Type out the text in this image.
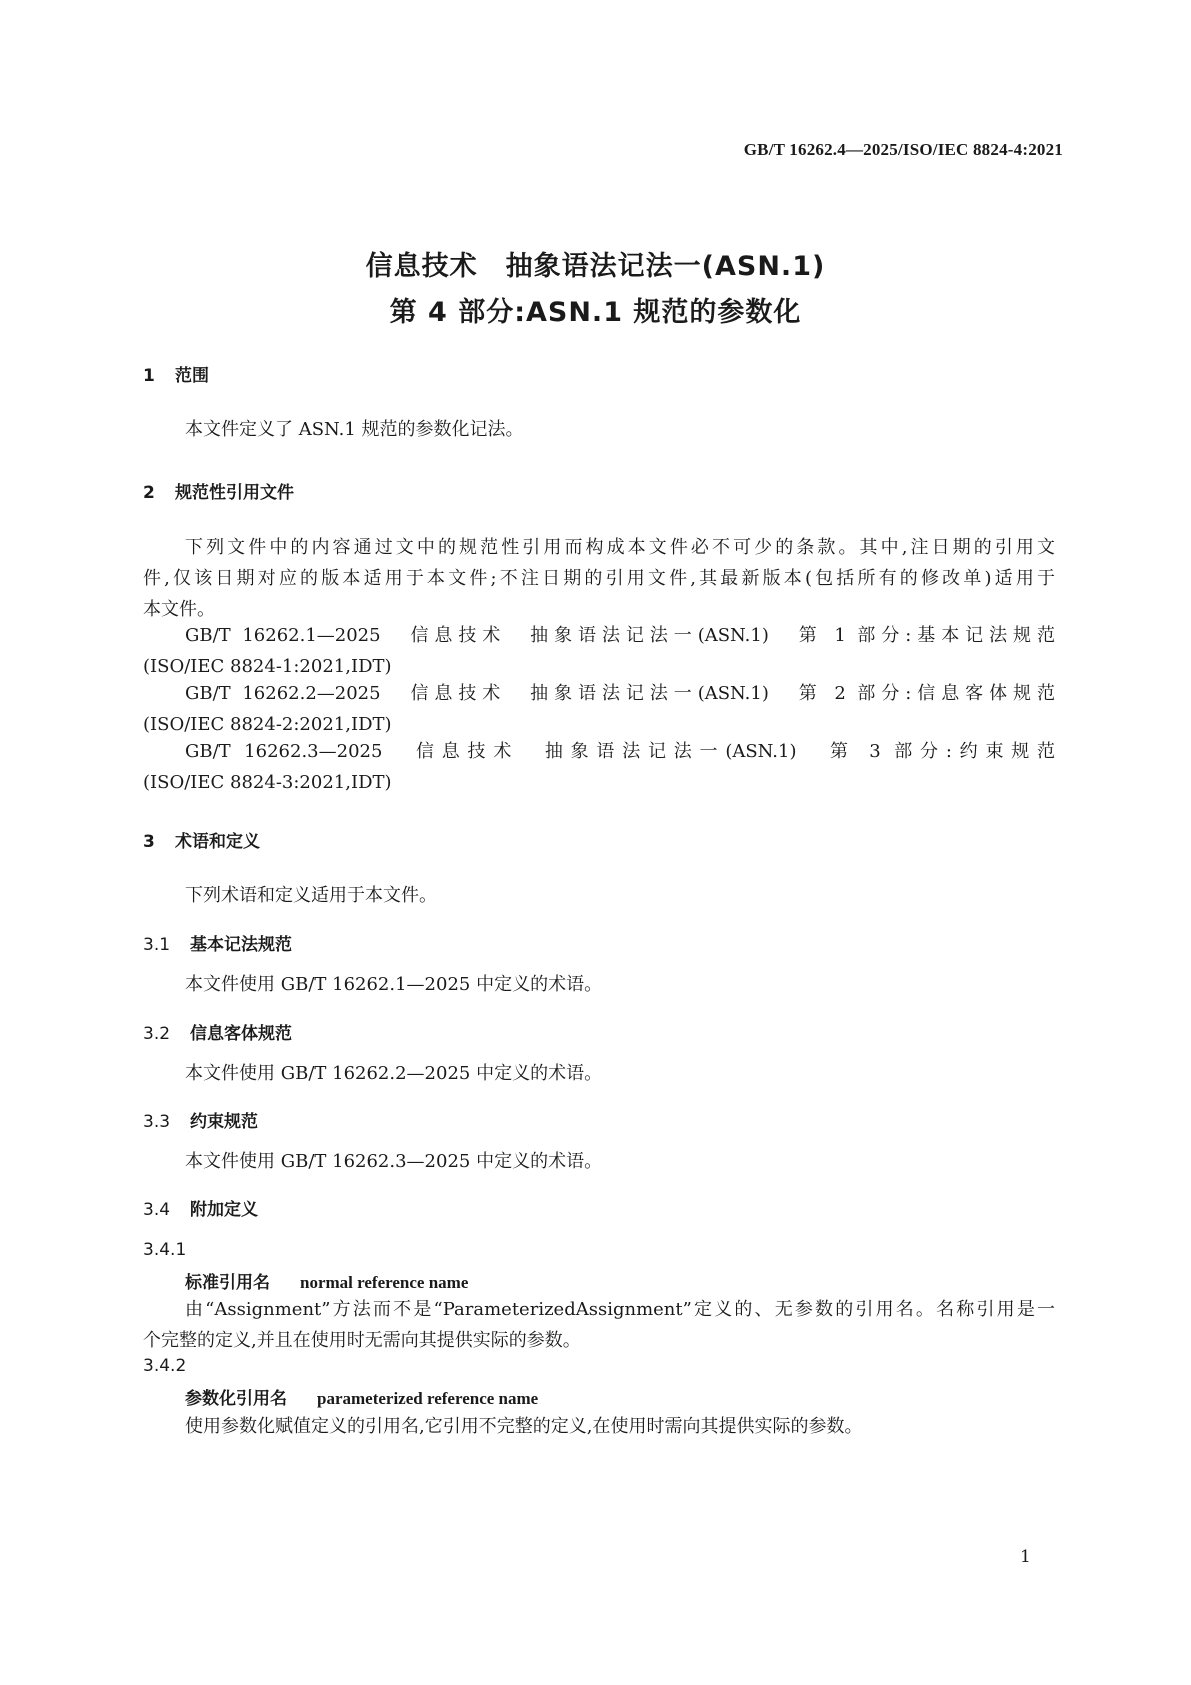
GB/T 16262.4—2025/ISO/IEC 8824-4:2021
信息技术　抽象语法记法一(ASN.1)
第 4 部分:ASN.1 规范的参数化
1 范围
本文件定义了 ASN.1 规范的参数化记法。
2 规范性引用文件

下列文件中的内容通过文中的规范性引用而构成本文件必不可少的条款。其中,注日期的引用文

件,仅该日期对应的版本适用于本文件;不注日期的引用文件,其最新版本(包括所有的修改单)适用于

本文件。

GB/T 16262.1—2025　信息技术　抽象语法记法一(ASN.1)　第 1 部分:基本记法规范

(ISO/IEC 8824-1:2021,IDT)

GB/T 16262.2—2025　信息技术　抽象语法记法一(ASN.1)　第 2 部分:信息客体规范

(ISO/IEC 8824-2:2021,IDT)

GB/T 16262.3—2025　信息技术　抽象语法记法一(ASN.1)　第 3 部分:约束规范

(ISO/IEC 8824-3:2021,IDT)

3 术语和定义
下列术语和定义适用于本文件。
3.1 基本记法规范
本文件使用 GB/T 16262.1—2025 中定义的术语。
3.2 信息客体规范
本文件使用 GB/T 16262.2—2025 中定义的术语。
3.3 约束规范
本文件使用 GB/T 16262.3—2025 中定义的术语。
3.4 附加定义
3.4.1
标准引用名 normal reference name

由“Assignment”方法而不是“ParameterizedAssignment”定义的、无参数的引用名。名称引用是一

个完整的定义,并且在使用时无需向其提供实际的参数。

3.4.2
参数化引用名 parameterized reference name
使用参数化赋值定义的引用名,它引用不完整的定义,在使用时需向其提供实际的参数。
1
